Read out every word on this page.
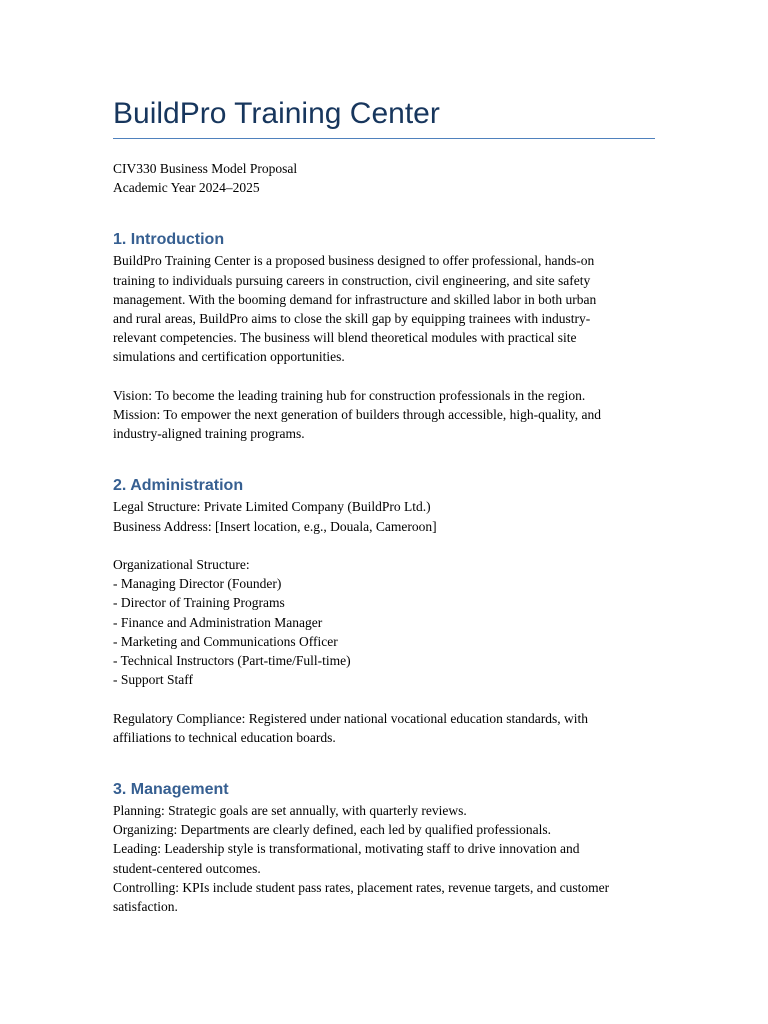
BuildPro Training Center

CIV330 Business Model Proposal
Academic Year 2024–2025

1. Introduction

BuildPro Training Center is a proposed business designed to offer professional, hands-on
training to individuals pursuing careers in construction, civil engineering, and site safety
management. With the booming demand for infrastructure and skilled labor in both urban
and rural areas, BuildPro aims to close the skill gap by equipping trainees with industry-
relevant competencies. The business will blend theoretical modules with practical site
simulations and certification opportunities.

Vision: To become the leading training hub for construction professionals in the region.
Mission: To empower the next generation of builders through accessible, high-quality, and
industry-aligned training programs.

2. Administration

Legal Structure: Private Limited Company (BuildPro Ltd.)
Business Address: [Insert location, e.g., Douala, Cameroon]

Organizational Structure:
- Managing Director (Founder)
- Director of Training Programs
- Finance and Administration Manager
- Marketing and Communications Officer
- Technical Instructors (Part-time/Full-time)
- Support Staff

Regulatory Compliance: Registered under national vocational education standards, with
affiliations to technical education boards.

3. Management

Planning: Strategic goals are set annually, with quarterly reviews.
Organizing: Departments are clearly defined, each led by qualified professionals.
Leading: Leadership style is transformational, motivating staff to drive innovation and
student-centered outcomes.
Controlling: KPIs include student pass rates, placement rates, revenue targets, and customer
satisfaction.
